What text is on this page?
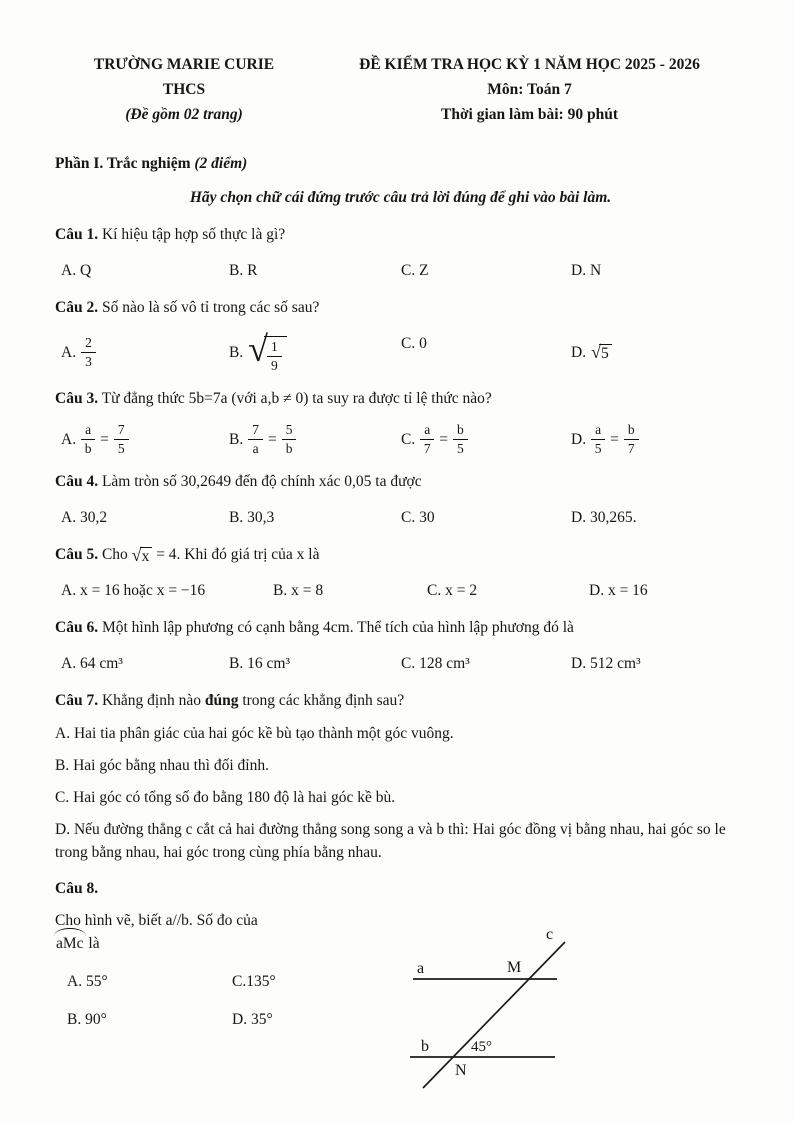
TRƯỜNG MARIE CURIE
THCS
(Đề gồm 02 trang)
ĐỀ KIỂM TRA HỌC KỲ 1 NĂM HỌC 2025 - 2026
Môn: Toán 7
Thời gian làm bài: 90 phút
Phần I. Trắc nghiệm (2 điểm)
Hãy chọn chữ cái đứng trước câu trả lời đúng để ghi vào bài làm.

Câu 1. Kí hiệu tập hợp số thực là gì?

A. Q	B. R	C. Z	D. N

Câu 2. Số nào là số vô tỉ trong các số sau?

A. $\frac{2}{3}$	B. √ $\frac{1}{9}$	C. 0
D. √ 5

Câu 3. Từ đẳng thức 5b=7a (với a,b ≠ 0) ta suy ra được tỉ lệ thức nào?

A. $\frac{a}{b} = \frac{7}{5}$	B. $\frac{7}{a} = \frac{5}{b}$	C. $\frac{a}{7} = \frac{b}{5}$	D. $\frac{a}{5} = \frac{b}{7}$

Câu 4. Làm tròn số 30,2649 đến độ chính xác 0,05 ta được

A. 30,2	B. 30,3	C. 30	D. 30,265.

Câu 5. Cho √ x = 4. Khi đó giá trị của x là

A. x = 16 hoặc x = −16	B. x = 8	C. x = 2	D. x = 16

Câu 6. Một hình lập phương có cạnh bằng 4cm. Thể tích của hình lập phương đó là

A. 64 cm³	B. 16 cm³	C. 128 cm³	D. 512 cm³

Câu 7. Khẳng định nào đúng trong các khẳng định sau?

A. Hai tia phân giác của hai góc kề bù tạo thành một góc vuông.

B. Hai góc bằng nhau thì đối đỉnh.

C. Hai góc có tổng số đo bằng 180 độ là hai góc kề bù.

D. Nếu đường thẳng c cắt cả hai đường thẳng song song a và b thì: Hai góc đồng vị bằng nhau, hai góc so le trong bằng nhau, hai góc trong cùng phía bằng nhau.

Câu 8.

Cho hình vẽ, biết a//b. Số đo của
aMc là
A. 55°	C.135°
B. 90°	D. 35°
a	M
c
b	45°
N
